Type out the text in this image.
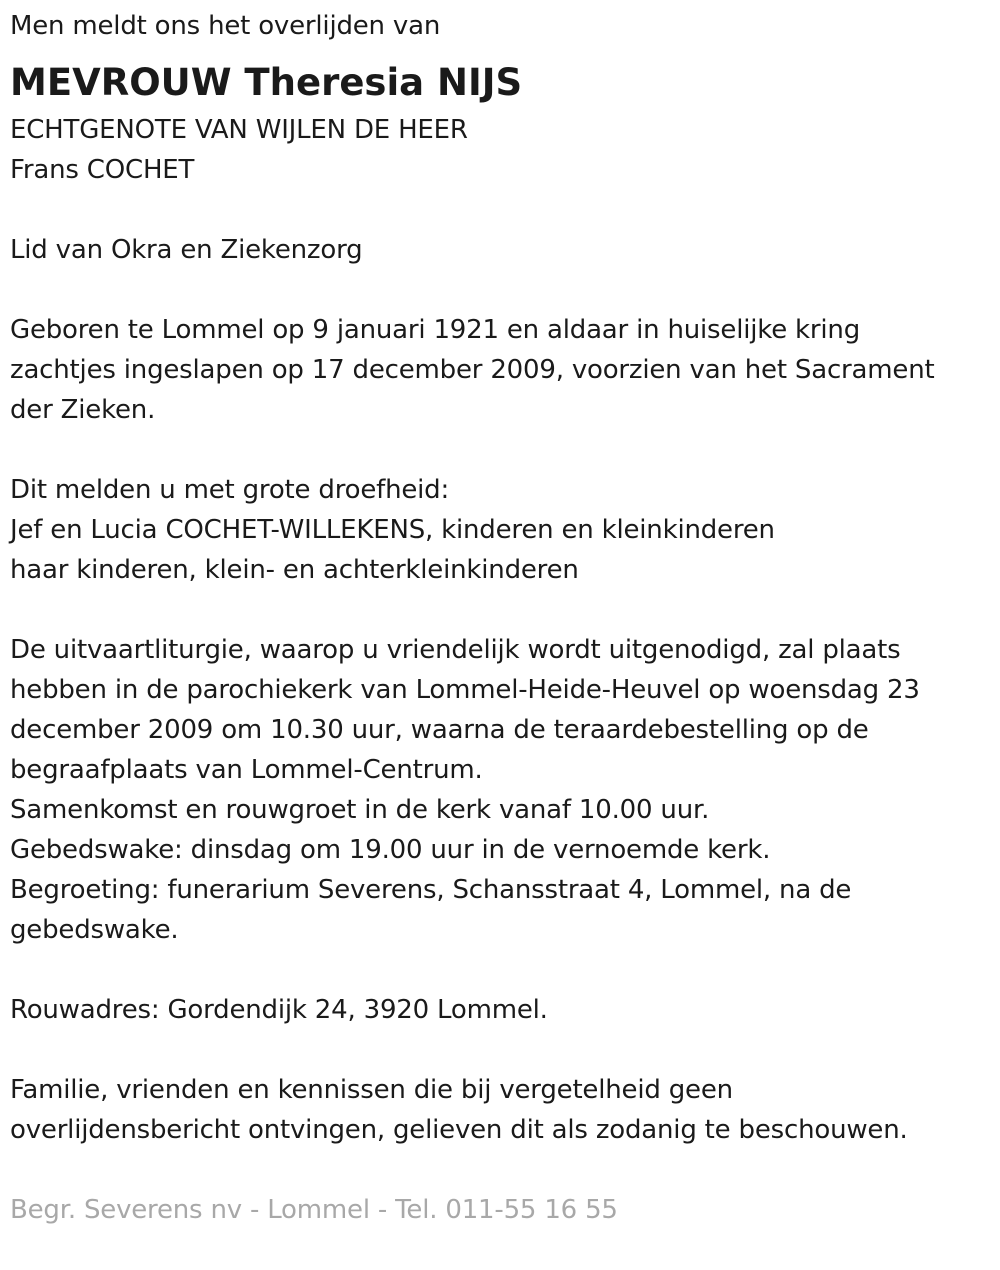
Men meldt ons het overlijden van
MEVROUW Theresia NIJS
ECHTGENOTE VAN WIJLEN DE HEER
Frans COCHET
Lid van Okra en Ziekenzorg
Geboren te Lommel op 9 januari 1921 en aldaar in huiselijke kring
zachtjes ingeslapen op 17 december 2009, voorzien van het Sacrament
der Zieken.
Dit melden u met grote droefheid:
Jef en Lucia COCHET-WILLEKENS, kinderen en kleinkinderen
haar kinderen, klein- en achterkleinkinderen
De uitvaartliturgie, waarop u vriendelijk wordt uitgenodigd, zal plaats
hebben in de parochiekerk van Lommel-Heide-Heuvel op woensdag 23
december 2009 om 10.30 uur, waarna de teraardebestelling op de
begraafplaats van Lommel-Centrum.
Samenkomst en rouwgroet in de kerk vanaf 10.00 uur.
Gebedswake: dinsdag om 19.00 uur in de vernoemde kerk.
Begroeting: funerarium Severens, Schansstraat 4, Lommel, na de
gebedswake.
Rouwadres: Gordendijk 24, 3920 Lommel.
Familie, vrienden en kennissen die bij vergetelheid geen
overlijdensbericht ontvingen, gelieven dit als zodanig te beschouwen.
Begr. Severens nv - Lommel - Tel. 011-55 16 55
